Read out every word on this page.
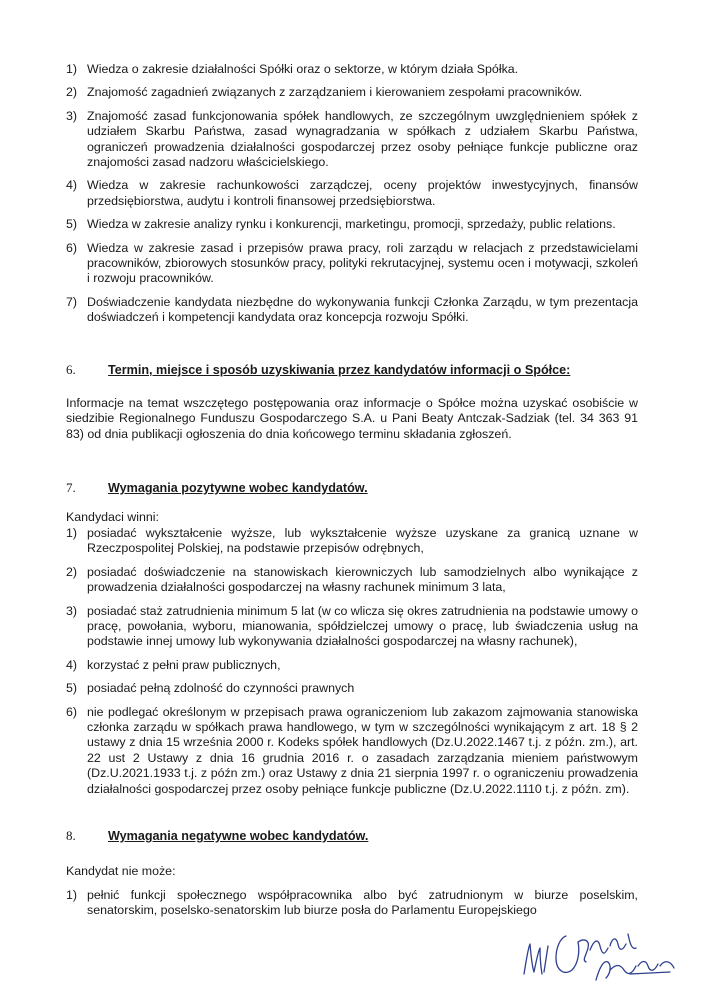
1) Wiedza o zakresie działalności Spółki oraz o sektorze, w którym działa Spółka.
2) Znajomość zagadnień związanych z zarządzaniem i kierowaniem zespołami pracowników.
3) Znajomość zasad funkcjonowania spółek handlowych, ze szczególnym uwzględnieniem spółek z udziałem Skarbu Państwa, zasad wynagradzania w spółkach z udziałem Skarbu Państwa, ograniczeń prowadzenia działalności gospodarczej przez osoby pełniące funkcje publiczne oraz znajomości zasad nadzoru właścicielskiego.
4) Wiedza w zakresie rachunkowości zarządczej, oceny projektów inwestycyjnych, finansów przedsiębiorstwa, audytu i kontroli finansowej przedsiębiorstwa.
5) Wiedza w zakresie analizy rynku i konkurencji, marketingu, promocji, sprzedaży, public relations.
6) Wiedza w zakresie zasad i przepisów prawa pracy, roli zarządu w relacjach z przedstawicielami pracowników, zbiorowych stosunków pracy, polityki rekrutacyjnej, systemu ocen i motywacji, szkoleń i rozwoju pracowników.
7) Doświadczenie kandydata niezbędne do wykonywania funkcji Członka Zarządu, w tym prezentacja doświadczeń i kompetencji kandydata oraz koncepcja rozwoju Spółki.
6.	Termin, miejsce i sposób uzyskiwania przez kandydatów informacji o Spółce:

Informacje na temat wszczętego postępowania oraz informacje o Spółce można uzyskać osobiście w siedzibie Regionalnego Funduszu Gospodarczego S.A. u Pani Beaty Antczak-Sadziak (tel. 34 363 91 83) od dnia publikacji ogłoszenia do dnia końcowego terminu składania zgłoszeń.

7.	Wymagania pozytywne wobec kandydatów.

Kandydaci winni:

1) posiadać wykształcenie wyższe, lub wykształcenie wyższe uzyskane za granicą uznane w Rzeczpospolitej Polskiej, na podstawie przepisów odrębnych,
2) posiadać doświadczenie na stanowiskach kierowniczych lub samodzielnych albo wynikające z prowadzenia działalności gospodarczej na własny rachunek minimum 3 lata,
3) posiadać staż zatrudnienia minimum 5 lat (w co wlicza się okres zatrudnienia na podstawie umowy o pracę, powołania, wyboru, mianowania, spółdzielczej umowy o pracę, lub świadczenia usług na podstawie innej umowy lub wykonywania działalności gospodarczej na własny rachunek),
4) korzystać z pełni praw publicznych,
5) posiadać pełną zdolność do czynności prawnych
6) nie podlegać określonym w przepisach prawa ograniczeniom lub zakazom zajmowania stanowiska członka zarządu w spółkach prawa handlowego, w tym w szczególności wynikającym z art. 18 § 2 ustawy z dnia 15 września 2000 r. Kodeks spółek handlowych (Dz.U.2022.1467 t.j. z późn. zm.), art. 22 ust 2 Ustawy z dnia 16 grudnia 2016 r. o zasadach zarządzania mieniem państwowym (Dz.U.2021.1933 t.j. z późn zm.) oraz Ustawy z dnia 21 sierpnia 1997 r. o ograniczeniu prowadzenia działalności gospodarczej przez osoby pełniące funkcje publiczne (Dz.U.2022.1110 t.j. z późn. zm).
8.	Wymagania negatywne wobec kandydatów.

Kandydat nie może:

1) pełnić funkcji społecznego współpracownika albo być zatrudnionym w biurze poselskim, senatorskim, poselsko-senatorskim lub biurze posła do Parlamentu Europejskiego
